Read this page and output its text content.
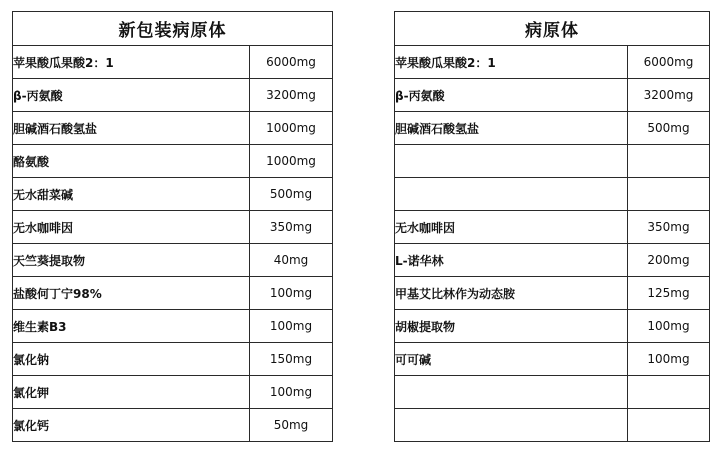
新包装病原体	
苹果酸瓜果酸2：1	6000mg
β-丙氨酸	3200mg
胆碱酒石酸氢盐	1000mg
酪氨酸	1000mg
无水甜菜碱	500mg
无水咖啡因	350mg
天竺葵提取物	40mg
盐酸何丁宁98%	100mg
维生素B3	100mg
氯化钠	150mg
氯化钾	100mg
氯化钙	50mg
病原体	
苹果酸瓜果酸2：1	6000mg
β-丙氨酸	3200mg
胆碱酒石酸氢盐	500mg

无水咖啡因	350mg
L-诺华林	200mg
甲基艾比林作为动态胺	125mg
胡椒提取物	100mg
可可碱	100mg
